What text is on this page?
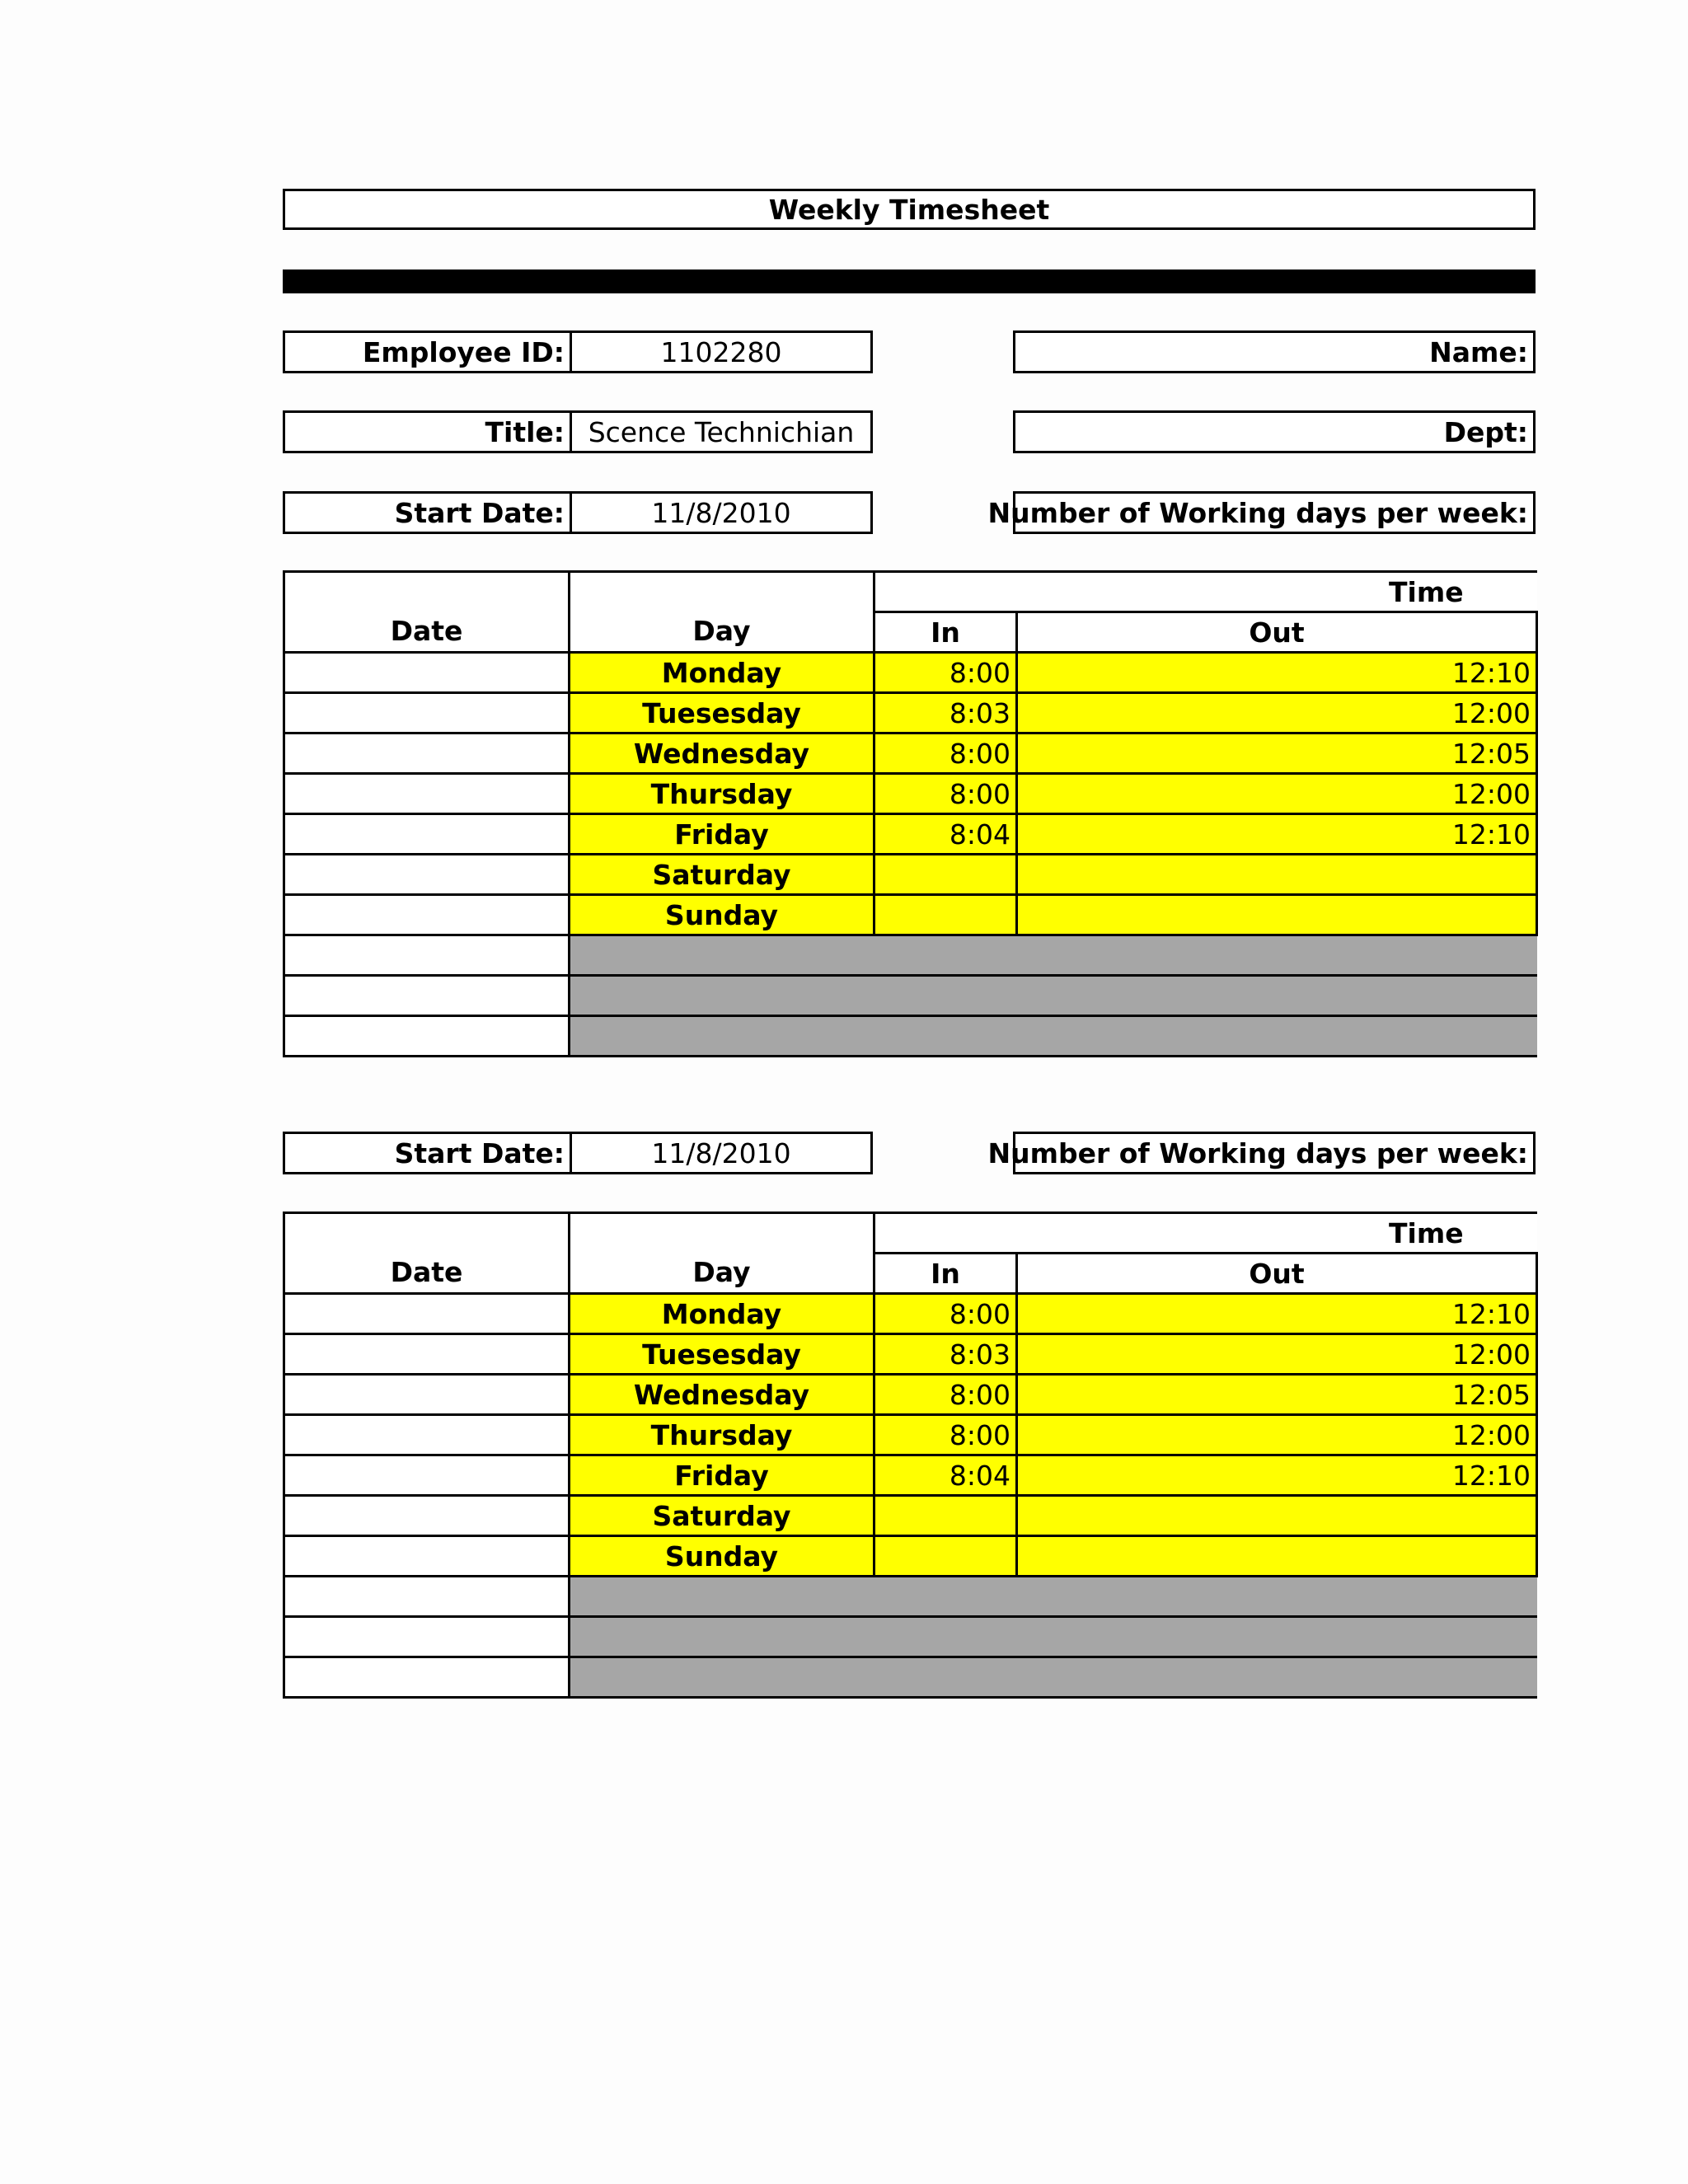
Weekly Timesheet
Employee ID:	1102280	Name:
Title: Scence Technichian	Dept:
Start Date:	11/8/2010	Number of Working days per week:
Date	Day	Time	
		In	Out
	Monday	8:00	12:10
	Tuesesday	8:03	12:00
	Wednesday	8:00	12:05
	Thursday	8:00	12:00
	Friday	8:04	12:10
	Saturday		
	Sunday		

Start Date:	11/8/2010	Number of Working days per week:
Date	Day	Time	
		In	Out
	Monday	8:00	12:10
	Tuesesday	8:03	12:00
	Wednesday	8:00	12:05
	Thursday	8:00	12:00
	Friday	8:04	12:10
	Saturday		
	Sunday		
